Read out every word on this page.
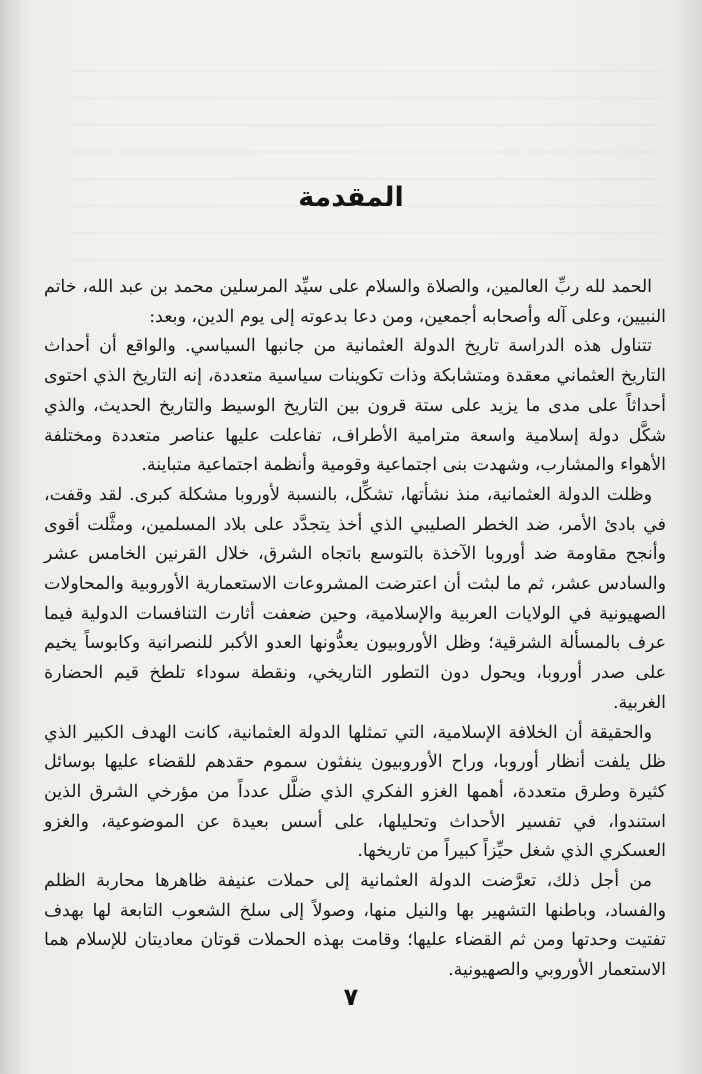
المقدمة

الحمد لله ربِّ العالمين، والصلاة والسلام على سيِّد المرسلين محمد بن عبد الله، خاتم النبيين، وعلى آله وأصحابه أجمعين، ومن دعا بدعوته إلى يوم الدين، وبعد:

تتناول هذه الدراسة تاريخ الدولة العثمانية من جانبها السياسي. والواقع أن أحداث التاريخ العثماني معقدة ومتشابكة وذات تكوينات سياسية متعددة، إنه التاريخ الذي احتوى أحداثاً على مدى ما يزيد على ستة قرون بين التاريخ الوسيط والتاريخ الحديث، والذي شكَّل دولة إسلامية واسعة مترامية الأطراف، تفاعلت عليها عناصر متعددة ومختلفة الأهواء والمشارب، وشهدت بنى اجتماعية وقومية وأنظمة اجتماعية متباينة.

وظلت الدولة العثمانية، منذ نشأتها، تشكِّل، بالنسبة لأوروبا مشكلة كبرى. لقد وقفت، في بادئ الأمر، ضد الخطر الصليبي الذي أخذ يتجدَّد على بلاد المسلمين، ومثَّلت أقوى وأنجح مقاومة ضد أوروبا الآخذة بالتوسع باتجاه الشرق، خلال القرنين الخامس عشر والسادس عشر، ثم ما لبثت أن اعترضت المشروعات الاستعمارية الأوروبية والمحاولات الصهيونية في الولايات العربية والإسلامية، وحين ضعفت أثارت التنافسات الدولية فيما عرف بالمسألة الشرقية؛ وظل الأوروبيون يعدُّونها العدو الأكبر للنصرانية وكابوساً يخيم على صدر أوروبا، ويحول دون التطور التاريخي، ونقطة سوداء تلطخ قيم الحضارة الغربية.

والحقيقة أن الخلافة الإسلامية، التي تمثلها الدولة العثمانية، كانت الهدف الكبير الذي ظل يلفت أنظار أوروبا، وراح الأوروبيون ينفثون سموم حقدهم للقضاء عليها بوسائل كثيرة وطرق متعددة، أهمها الغزو الفكري الذي ضلَّل عدداً من مؤرخي الشرق الذين استندوا، في تفسير الأحداث وتحليلها، على أسس بعيدة عن الموضوعية، والغزو العسكري الذي شغل حيِّزاً كبيراً من تاريخها.

من أجل ذلك، تعرَّضت الدولة العثمانية إلى حملات عنيفة ظاهرها محاربة الظلم والفساد، وباطنها التشهير بها والنيل منها، وصولاً إلى سلخ الشعوب التابعة لها بهدف تفتيت وحدتها ومن ثم القضاء عليها؛ وقامت بهذه الحملات قوتان معاديتان للإسلام هما الاستعمار الأوروبي والصهيونية.

٧
